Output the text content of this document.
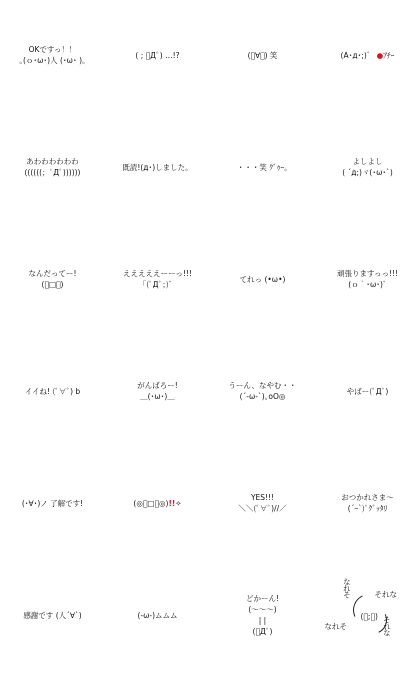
OKですっ！！
｡(ｏ･ω･)人 (･ω･ )｡
( ; ﾟДﾟ) …!?	(ﾟ∀ﾟ) 笑	(A･д･;)゛ ●ｱﾁｰ
あわわわわわわ
((((((；ﾟДﾟ))))))
既読!(д･)しました。	・・・笑 ｸﾞｩｰ｡
よしよし
( ´д;)ヾ(･ω･`)
なんだってー!
(ﾟ□ﾟ)
えええええーーっ!!!
｢(ﾟДﾟ；)ﾞ
てれっ (•ω•)
頑張りますっっ!!!
(ｏ｀･ω･)ﾞ
イイね! (ﾟ∀ﾟ) b
がんばろー!
＿(･ω･)＿
うーん、なやむ・・
(´-ω-`)｡oO◎
やばー(ﾟДﾟ)
(･∀･)ノ 了解です!	(◎ﾟ□ﾟ◎)!!✧
YES!!!
＼＼(ﾟ∀ﾟ)//／
おつかれさま～
(´ｰ`)ﾟｸﾞｯﾀﾘ
感謝です (人´∀`)	(-ω-)ムムム
どかーん!
(〜〜〜)
| |
(ﾟДﾟ)

なれそ

	それな

(ﾟ;ﾟ)

なれそ

	それな
